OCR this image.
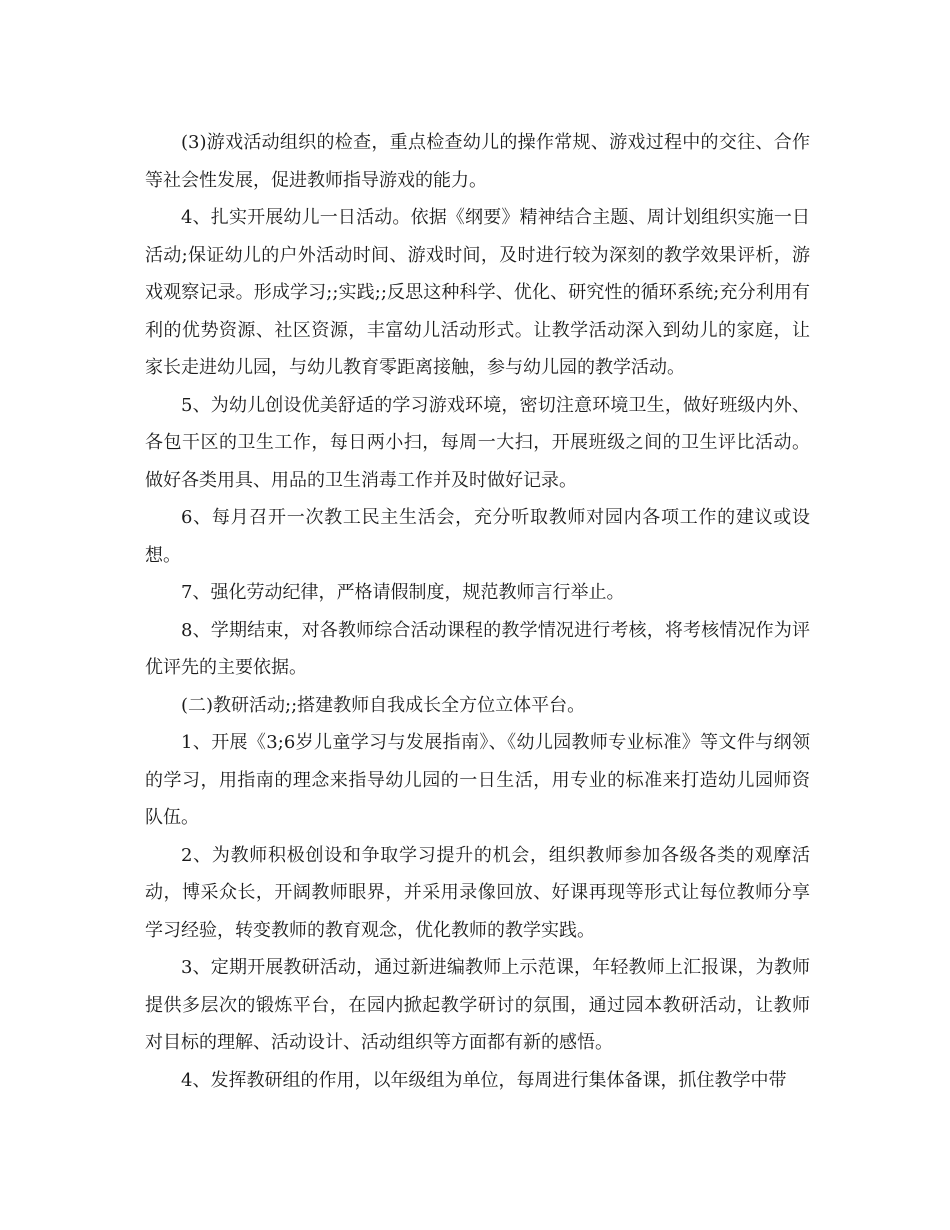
(3)游戏活动组织的检查，重点检查幼儿的操作常规、游戏过程中的交往、合作等社会性发展，促进教师指导游戏的能力。

4、扎实开展幼儿一日活动。依据《纲要》精神结合主题、周计划组织实施一日活动;保证幼儿的户外活动时间、游戏时间，及时进行较为深刻的教学效果评析，游戏观察记录。形成学习;;实践;;反思这种科学、优化、研究性的循环系统;充分利用有利的优势资源、社区资源，丰富幼儿活动形式。让教学活动深入到幼儿的家庭，让家长走进幼儿园，与幼儿教育零距离接触，参与幼儿园的教学活动。

5、为幼儿创设优美舒适的学习游戏环境，密切注意环境卫生，做好班级内外、各包干区的卫生工作，每日两小扫，每周一大扫，开展班级之间的卫生评比活动。做好各类用具、用品的卫生消毒工作并及时做好记录。

6、每月召开一次教工民主生活会，充分听取教师对园内各项工作的建议或设想。

7、强化劳动纪律，严格请假制度，规范教师言行举止。

8、学期结束，对各教师综合活动课程的教学情况进行考核，将考核情况作为评优评先的主要依据。

(二)教研活动;;搭建教师自我成长全方位立体平台。

1、开展《3;6岁儿童学习与发展指南》、《幼儿园教师专业标准》等文件与纲领的学习，用指南的理念来指导幼儿园的一日生活，用专业的标准来打造幼儿园师资队伍。

2、为教师积极创设和争取学习提升的机会，组织教师参加各级各类的观摩活动，博采众长，开阔教师眼界，并采用录像回放、好课再现等形式让每位教师分享学习经验，转变教师的教育观念，优化教师的教学实践。

3、定期开展教研活动，通过新进编教师上示范课，年轻教师上汇报课，为教师提供多层次的锻炼平台，在园内掀起教学研讨的氛围，通过园本教研活动，让教师对目标的理解、活动设计、活动组织等方面都有新的感悟。

4、发挥教研组的作用，以年级组为单位，每周进行集体备课，抓住教学中带
